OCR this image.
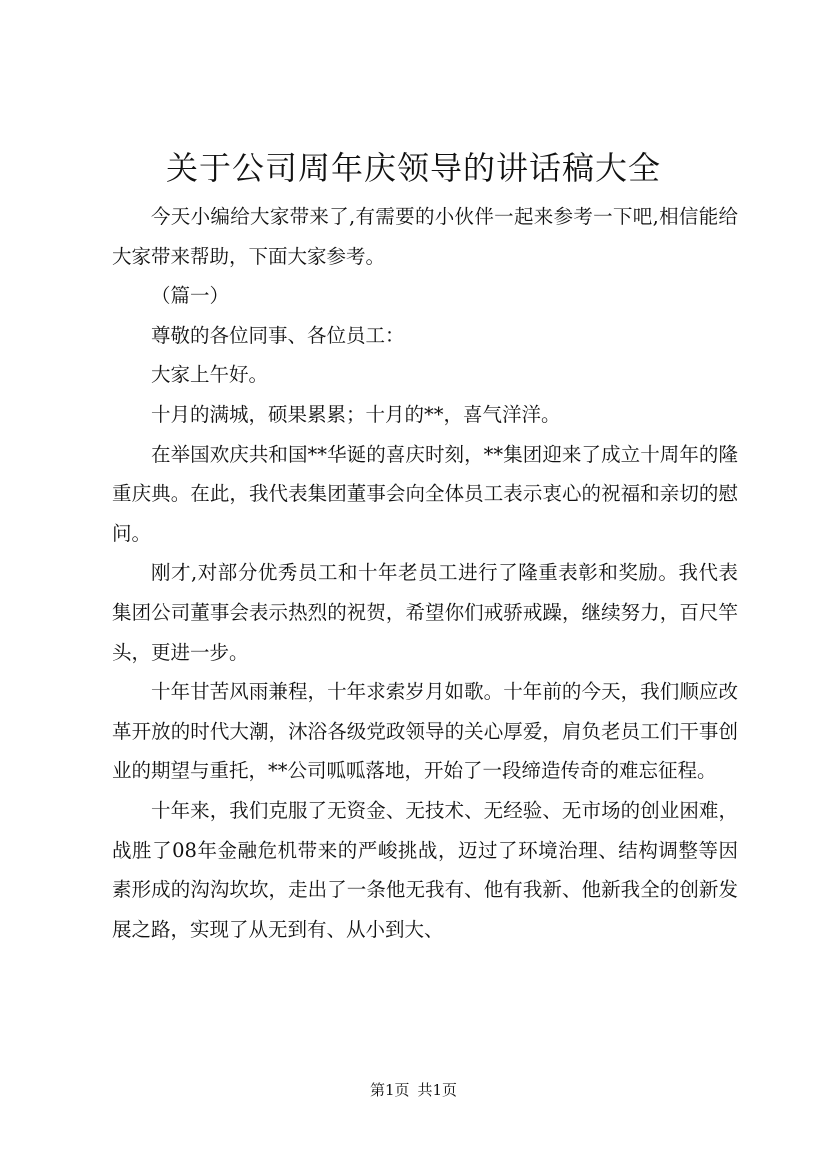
关于公司周年庆领导的讲话稿大全

今天小编给大家带来了,有需要的小伙伴一起来参考一下吧,相信能给大家带来帮助，下面大家参考。

（篇一）

尊敬的各位同事、各位员工：

大家上午好。

十月的满城，硕果累累；十月的**，喜气洋洋。

在举国欢庆共和国**华诞的喜庆时刻，**集团迎来了成立十周年的隆重庆典。在此，我代表集团董事会向全体员工表示衷心的祝福和亲切的慰问。

刚才,对部分优秀员工和十年老员工进行了隆重表彰和奖励。我代表集团公司董事会表示热烈的祝贺，希望你们戒骄戒躁，继续努力，百尺竿头，更进一步。

十年甘苦风雨兼程，十年求索岁月如歌。十年前的今天，我们顺应改革开放的时代大潮，沐浴各级党政领导的关心厚爱，肩负老员工们干事创业的期望与重托，**公司呱呱落地，开始了一段缔造传奇的难忘征程。

十年来，我们克服了无资金、无技术、无经验、无市场的创业困难，战胜了08年金融危机带来的严峻挑战，迈过了环境治理、结构调整等因素形成的沟沟坎坎，走出了一条他无我有、他有我新、他新我全的创新发展之路，实现了从无到有、从小到大、

第1页 共1页
